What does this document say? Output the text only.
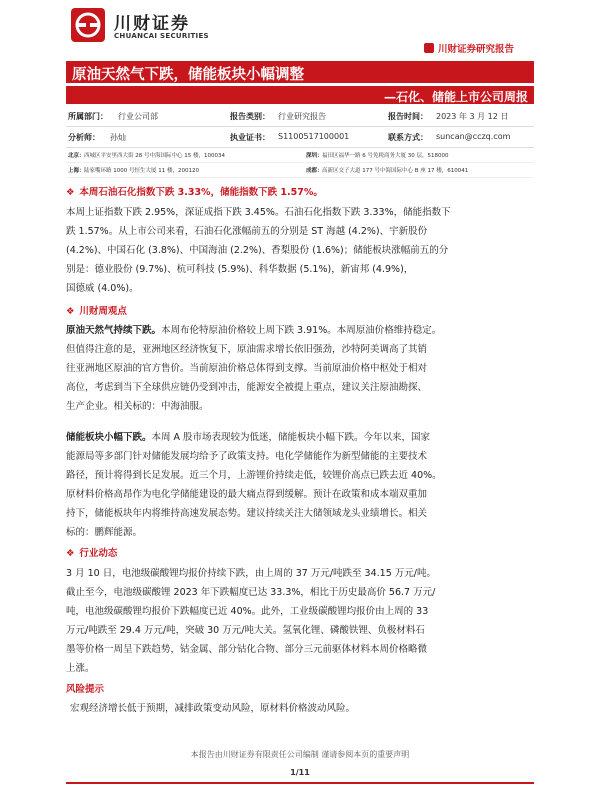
川财证券
CHUANCAI SECURITIES
川财证券研究报告
原油天然气下跌，储能板块小幅调整
—石化、储能上市公司周报
所属部门： 行业公司部	报告类别： 行业研究报告	报告时间： 2023 年 3 月 12 日
分析师： 孙灿	执业证书： S1100517100001	联系方式： suncan@cczq.com
北京： 西城区平安里西大街 28 号中海国际中心 15 楼，100034	深圳： 福田区福华一路 6 号免税商务大厦 30 层，518000
上海： 陆家嘴环路 1000 号恒生大厦 11 楼，200120	成都： 高新区交子大道 177 号中海国际中心 B 座 17 楼，610041
❖ 本周石油石化指数下跌 3.33%，储能指数下跌 1.57%。
本周上证指数下跌 2.95%，深证成指下跌 3.45%。石油石化指数下跌 3.33%，储能指数下
跌 1.57%。从上市公司来看，石油石化涨幅前五的分别是 ST 海越 (4.2%)、宇新股份
(4.2%)、中国石化 (3.8%)、中国海油 (2.2%)、香梨股份 (1.6%)；储能板块涨幅前五的分
别是：德业股份 (9.7%)、杭可科技 (5.9%)、科华数据 (5.1%)，新宙邦 (4.9%)，
国德威 (4.0%)。
❖ 川财周观点
原油天然气持续下跌。本周布伦特原油价格较上周下跌 3.91%。本周原油价格维持稳定。
但值得注意的是，亚洲地区经济恢复下，原油需求增长依旧强劲，沙特阿美调高了其销
往亚洲地区原油的官方售价。当前原油价格总体得到支撑。当前原油价格中枢处于相对
高位，考虑到当下全球供应链仍受到冲击，能源安全被提上重点，建议关注原油勘探、
生产企业。相关标的：中海油服。
储能板块小幅下跌。本周 A 股市场表现较为低迷，储能板块小幅下跌。今年以来，国家
能源局等多部门针对储能发展均给予了政策支持。电化学储能作为新型储能的主要技术
路径，预计将得到长足发展。近三个月，上游锂价持续走低，较锂价高点已跌去近 40%。
原材料价格高昂作为电化学储能建设的最大痛点得到缓解。预计在政策和成本端双重加
持下，储能板块年内将维持高速发展态势。建议持续关注大储领域龙头业绩增长。相关
标的：鹏辉能源。
❖ 行业动态
3 月 10 日，电池级碳酸锂均报价持续下跌，由上周的 37 万元/吨跌至 34.15 万元/吨。
截止至今，电池级碳酸锂 2023 年下跌幅度已达 33.3%，相比于历史最高价 56.7 万元/
吨，电池级碳酸锂均报价下跌幅度已近 40%。此外，工业级碳酸锂均报价由上周的 33
万元/吨跌至 29.4 万元/吨，突破 30 万元/吨大关。氢氧化锂、磷酸铁锂、负极材料石
墨等价格一周呈下跌趋势，钴金属、部分钴化合物、部分三元前驱体材料本周价格略微
上涨。
风险提示
宏观经济增长低于预期，减排政策变动风险，原材料价格波动风险。
本报告由川财证券有限责任公司编制 谨请参阅本页的重要声明
1/11
